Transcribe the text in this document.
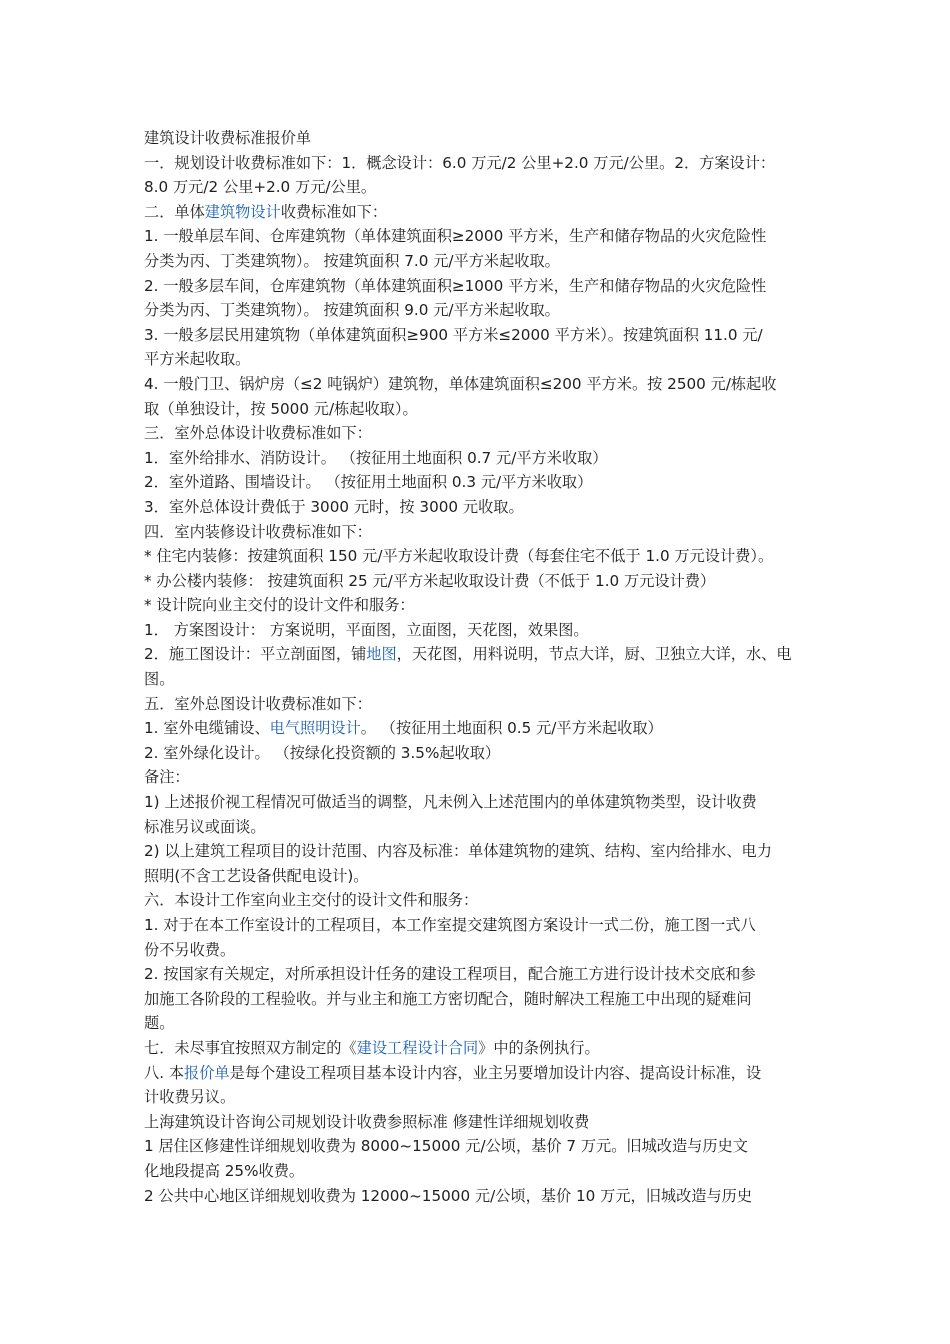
建筑设计收费标准报价单
一．规划设计收费标准如下：1．概念设计：6.0 万元/2 公里+2.0 万元/公里。2．方案设计：
8.0 万元/2 公里+2.0 万元/公里。
二．单体建筑物设计收费标准如下：
1. 一般单层车间、仓库建筑物（单体建筑面积≥2000 平方米，生产和储存物品的火灾危险性
分类为丙、丁类建筑物）。 按建筑面积 7.0 元/平方米起收取。
2. 一般多层车间，仓库建筑物（单体建筑面积≥1000 平方米，生产和储存物品的火灾危险性
分类为丙、丁类建筑物）。 按建筑面积 9.0 元/平方米起收取。
3. 一般多层民用建筑物（单体建筑面积≥900 平方米≤2000 平方米）。按建筑面积 11.0 元/
平方米起收取。
4. 一般门卫、锅炉房（≤2 吨锅炉）建筑物，单体建筑面积≤200 平方米。按 2500 元/栋起收
取（单独设计，按 5000 元/栋起收取）。
三．室外总体设计收费标准如下：
1．室外给排水、消防设计。 （按征用土地面积 0.7 元/平方米收取）
2．室外道路、围墙设计。 （按征用土地面积 0.3 元/平方米收取）
3．室外总体设计费低于 3000 元时，按 3000 元收取。
四．室内装修设计收费标准如下：
* 住宅内装修：按建筑面积 150 元/平方米起收取设计费（每套住宅不低于 1.0 万元设计费）。
* 办公楼内装修： 按建筑面积 25 元/平方米起收取设计费（不低于 1.0 万元设计费）
* 设计院向业主交付的设计文件和服务：
1． 方案图设计： 方案说明，平面图，立面图，天花图，效果图。
2．施工图设计：平立剖面图，铺地图，天花图，用料说明，节点大详，厨、卫独立大详，水、电
图。
五．室外总图设计收费标准如下：
1. 室外电缆铺设、电气照明设计。 （按征用土地面积 0.5 元/平方米起收取）
2. 室外绿化设计。 （按绿化投资额的 3.5%起收取）
备注：
1) 上述报价视工程情况可做适当的调整，凡未例入上述范围内的单体建筑物类型，设计收费
标准另议或面谈。
2) 以上建筑工程项目的设计范围、内容及标准：单体建筑物的建筑、结构、室内给排水、电力
照明(不含工艺设备供配电设计)。
六．本设计工作室向业主交付的设计文件和服务：
1. 对于在本工作室设计的工程项目，本工作室提交建筑图方案设计一式二份，施工图一式八
份不另收费。
2. 按国家有关规定，对所承担设计任务的建设工程项目，配合施工方进行设计技术交底和参
加施工各阶段的工程验收。并与业主和施工方密切配合，随时解决工程施工中出现的疑难问
题。
七．未尽事宜按照双方制定的《建设工程设计合同》中的条例执行。
八. 本报价单是每个建设工程项目基本设计内容，业主另要增加设计内容、提高设计标准，设
计收费另议。
上海建筑设计咨询公司规划设计收费参照标准 修建性详细规划收费
1 居住区修建性详细规划收费为 8000~15000 元/公顷，基价 7 万元。旧城改造与历史文
化地段提高 25%收费。
2 公共中心地区详细规划收费为 12000~15000 元/公顷，基价 10 万元，旧城改造与历史
